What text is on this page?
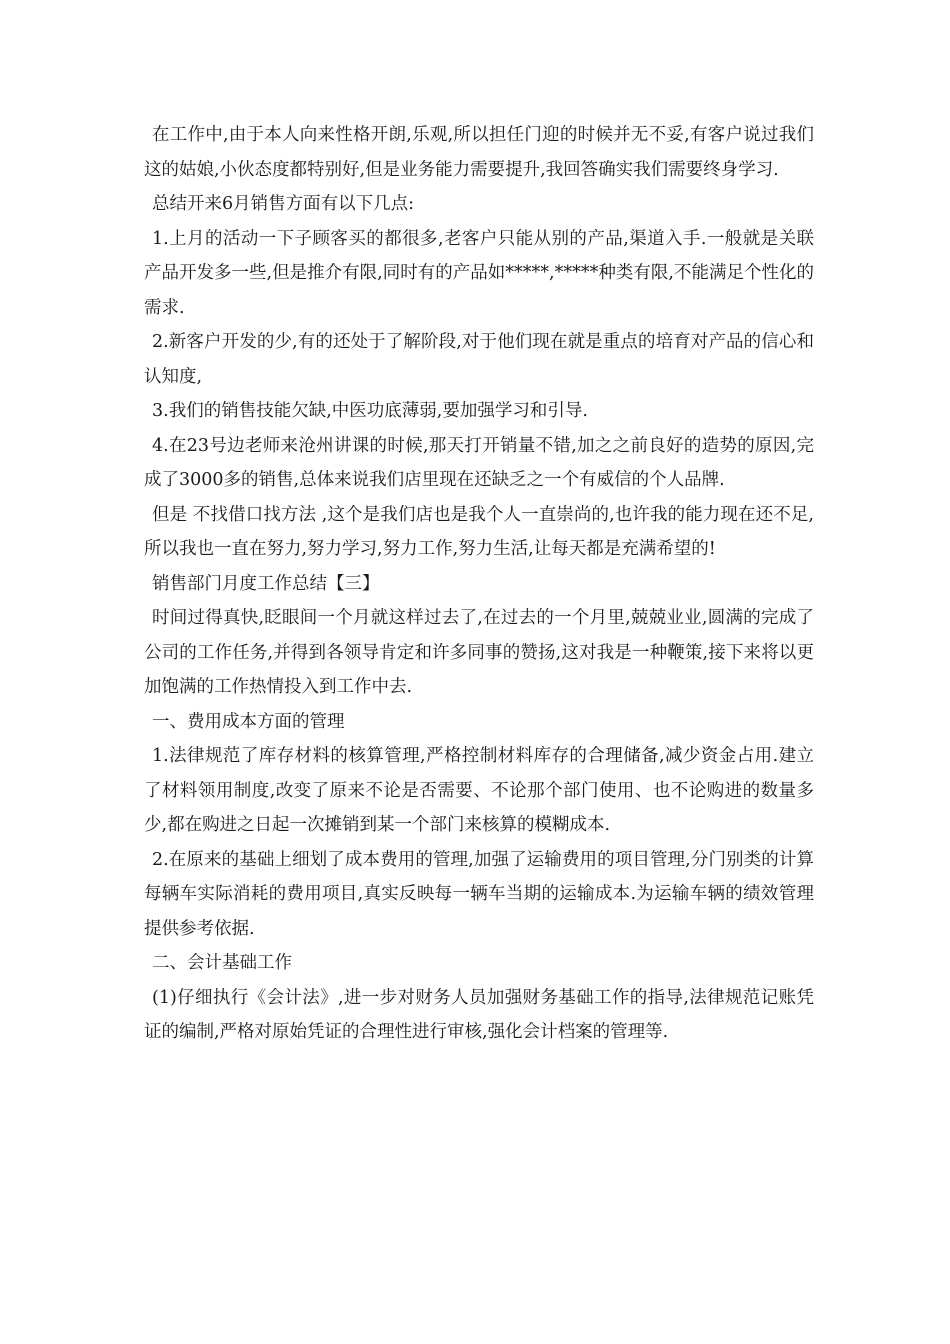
在工作中,由于本人向来性格开朗,乐观,所以担任门迎的时候并无不妥,有客户说过我们这的姑娘,小伙态度都特别好,但是业务能力需要提升,我回答确实我们需要终身学习.

总结开来6月销售方面有以下几点:

1.上月的活动一下子顾客买的都很多,老客户只能从别的产品,渠道入手.一般就是关联产品开发多一些,但是推介有限,同时有的产品如*****,*****种类有限,不能满足个性化的需求.

2.新客户开发的少,有的还处于了解阶段,对于他们现在就是重点的培育对产品的信心和认知度,

3.我们的销售技能欠缺,中医功底薄弱,要加强学习和引导.

4.在23号边老师来沧州讲课的时候,那天打开销量不错,加之之前良好的造势的原因,完成了3000多的销售,总体来说我们店里现在还缺乏之一个有威信的个人品牌.

但是 不找借口找方法 ,这个是我们店也是我个人一直崇尚的,也许我的能力现在还不足,所以我也一直在努力,努力学习,努力工作,努力生活,让每天都是充满希望的!

销售部门月度工作总结【三】

时间过得真快,眨眼间一个月就这样过去了,在过去的一个月里,兢兢业业,圆满的完成了公司的工作任务,并得到各领导肯定和许多同事的赞扬,这对我是一种鞭策,接下来将以更加饱满的工作热情投入到工作中去.

一、费用成本方面的管理

1.法律规范了库存材料的核算管理,严格控制材料库存的合理储备,减少资金占用.建立了材料领用制度,改变了原来不论是否需要、不论那个部门使用、也不论购进的数量多少,都在购进之日起一次摊销到某一个部门来核算的模糊成本.

2.在原来的基础上细划了成本费用的管理,加强了运输费用的项目管理,分门别类的计算每辆车实际消耗的费用项目,真实反映每一辆车当期的运输成本.为运输车辆的绩效管理提供参考依据.

二、会计基础工作

(1)仔细执行《会计法》,进一步对财务人员加强财务基础工作的指导,法律规范记账凭证的编制,严格对原始凭证的合理性进行审核,强化会计档案的管理等.
